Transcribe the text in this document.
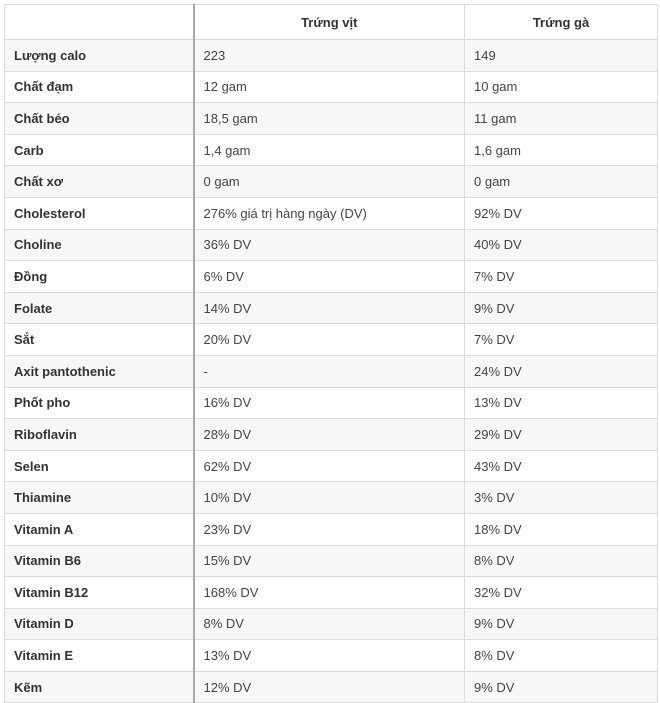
	Trứng vịt	Trứng gà
Lượng calo	223	149
Chất đạm	12 gam	10 gam
Chất béo	18,5 gam	11 gam
Carb	1,4 gam	1,6 gam
Chất xơ	0 gam	0 gam
Cholesterol	276% giá trị hàng ngày (DV)	92% DV
Choline	36% DV	40% DV
Đồng	6% DV	7% DV
Folate	14% DV	9% DV
Sắt	20% DV	7% DV
Axit pantothenic	-	24% DV
Phốt pho	16% DV	13% DV
Riboflavin	28% DV	29% DV
Selen	62% DV	43% DV
Thiamine	10% DV	3% DV
Vitamin A	23% DV	18% DV
Vitamin B6	15% DV	8% DV
Vitamin B12	168% DV	32% DV
Vitamin D	8% DV	9% DV
Vitamin E	13% DV	8% DV
Kẽm	12% DV	9% DV
